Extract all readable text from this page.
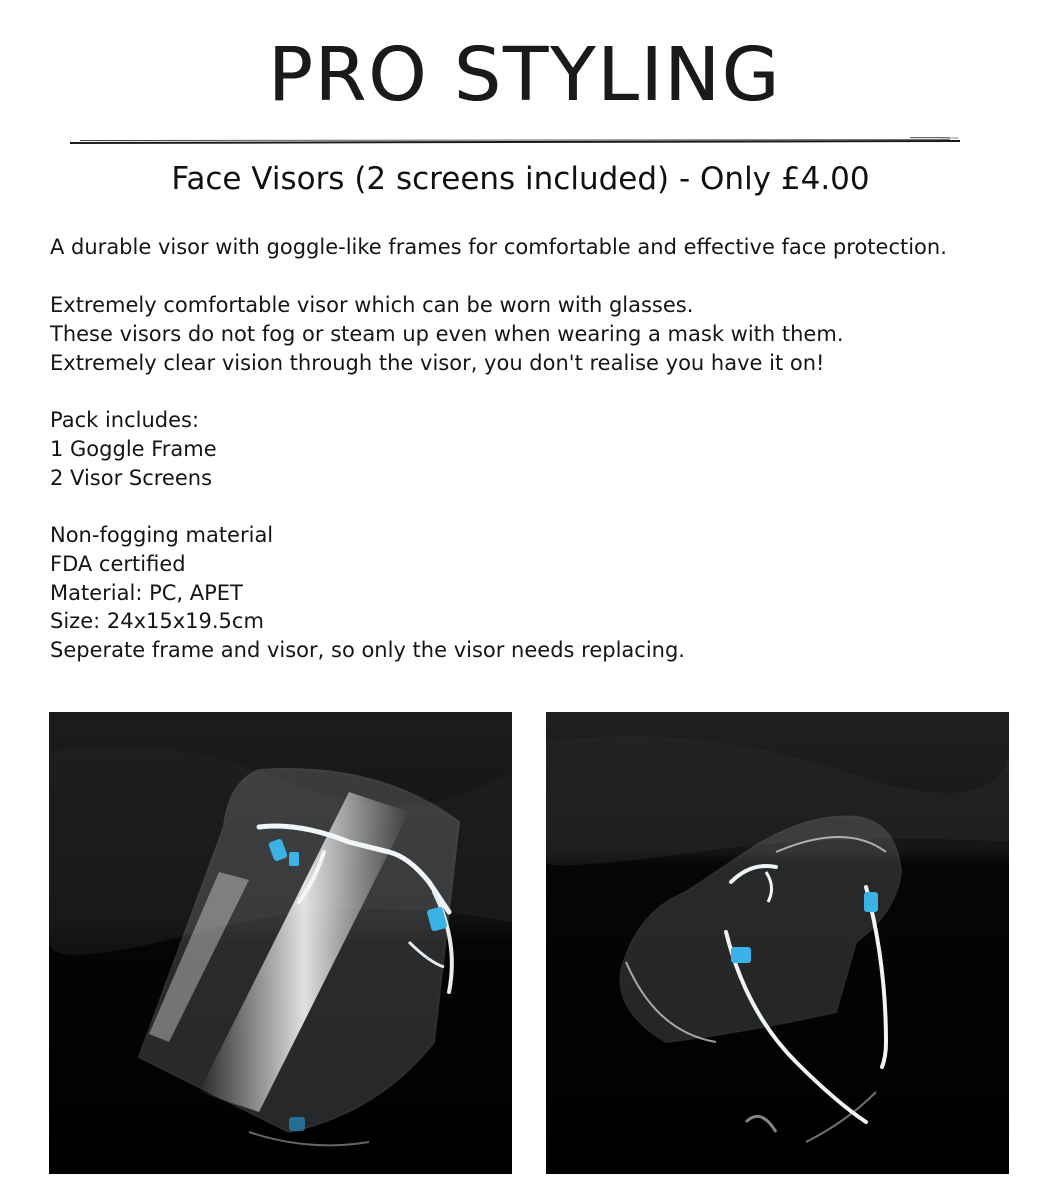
PRO STYLING
Face Visors (2 screens included) - Only £4.00
A durable visor with goggle-like frames for comfortable and effective face protection.
Extremely comfortable visor which can be worn with glasses.
These visors do not fog or steam up even when wearing a mask with them.
Extremely clear vision through the visor, you don't realise you have it on!
Pack includes:
1 Goggle Frame
2 Visor Screens
Non-fogging material
FDA certified
Material: PC, APET
Size: 24x15x19.5cm
Seperate frame and visor, so only the visor needs replacing.
